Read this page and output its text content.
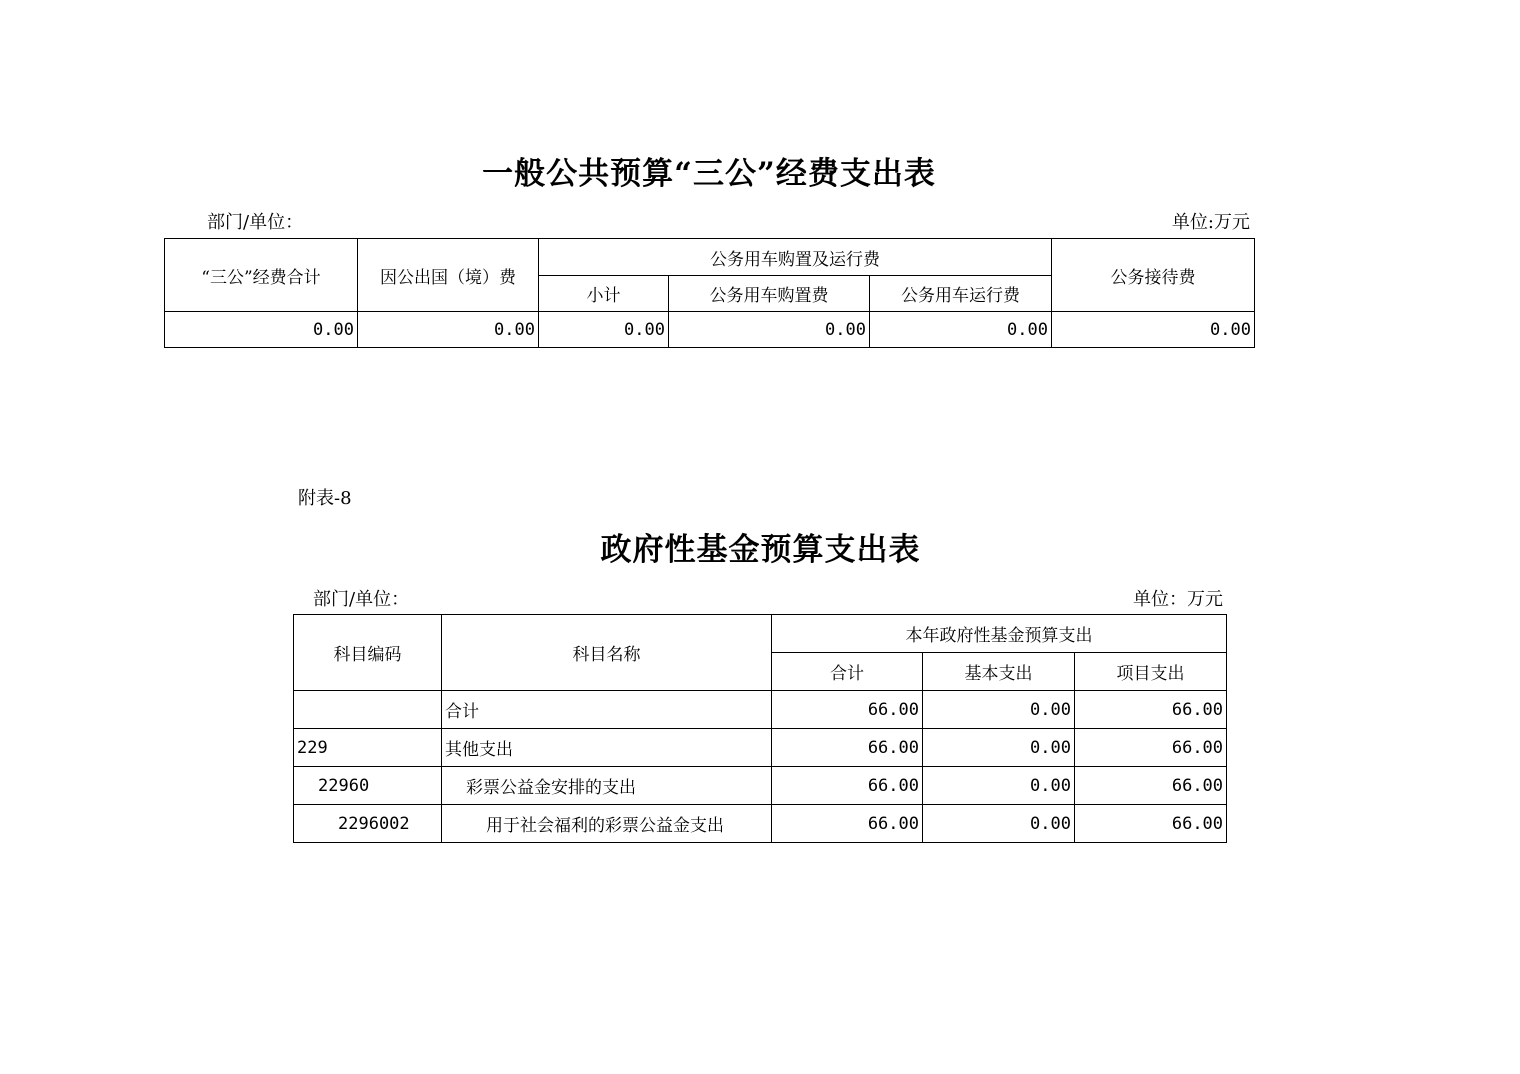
一般公共预算“三公”经费支出表
部门/单位：	单位:万元
“三公”经费合计	因公出国（境）费	公务用车购置及运行费			公务接待费
		小计	公务用车购置费	公务用车运行费	
0.00	0.00	0.00	0.00	0.00	0.00
附表-8
政府性基金预算支出表
部门/单位：	单位：万元
科目编码	科目名称	本年政府性基金预算支出		
		合计	基本支出	项目支出
	合计	66.00	0.00	66.00
229	其他支出	66.00	0.00	66.00
22960	彩票公益金安排的支出	66.00	0.00	66.00
2296002	用于社会福利的彩票公益金支出	66.00	0.00	66.00
